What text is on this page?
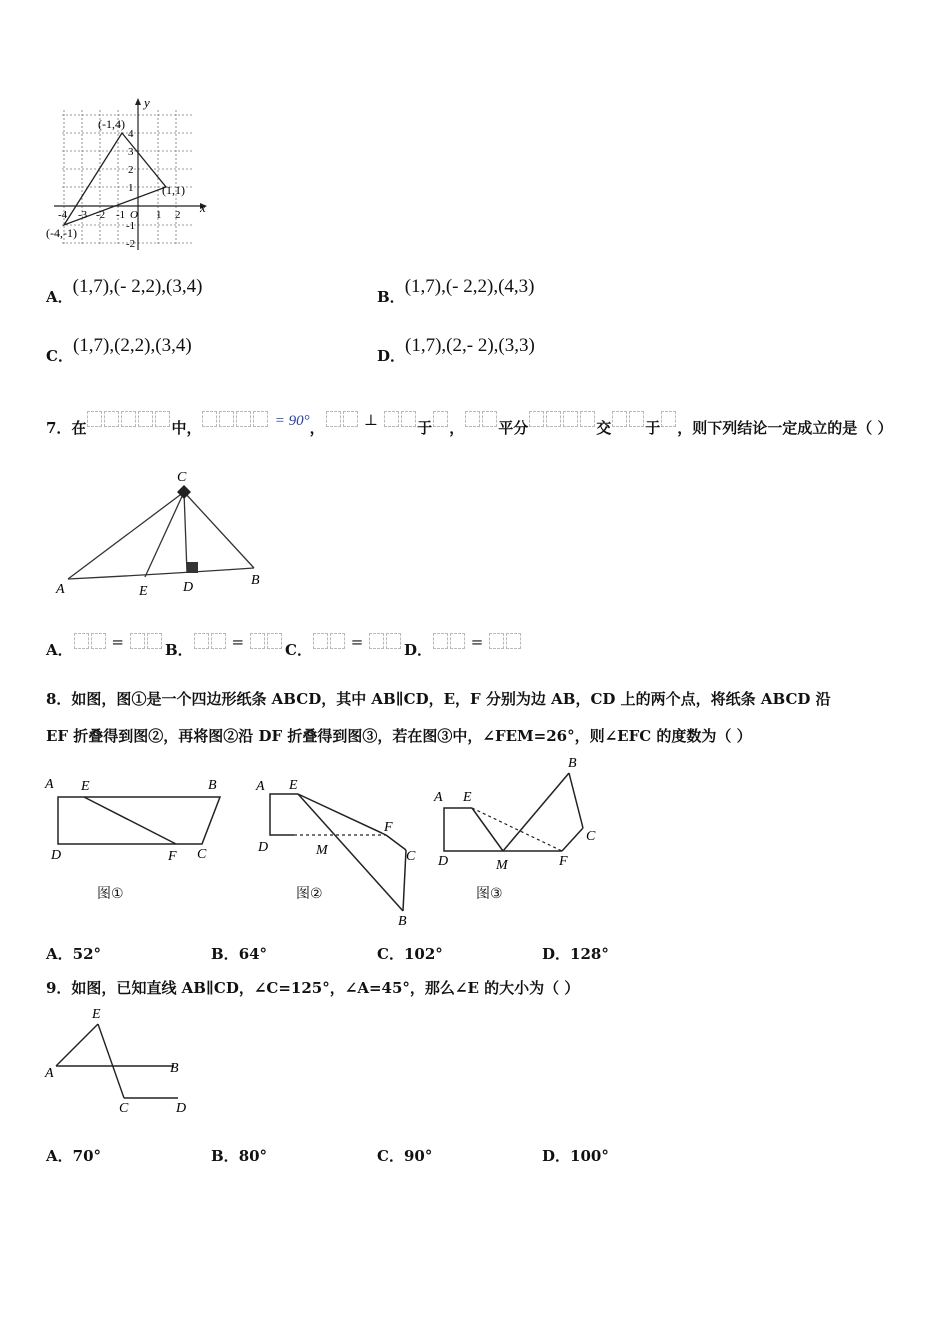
y
x
(-1,4)
(1,1)
(-4,-1)
4
3
2
1
-1
-2
-4 -3 -2 -1 O 1 2
A．(1,7),(- 2,2),(3,4)	B．(1,7),(- 2,2),(4,3)
C．(1,7),(2,2),(3,4)	D．(1,7),(2,- 2),(3,3)
7．在	中，	= 90°，	⊥	于 ， 平分	交 于 ，则下列结论一定成立的是（ ）
C
A	E	D	B
A．	=	B．	=	C．	=	D．	=
8．如图，图①是一个四边形纸条 ABCD，其中 AB∥CD，E，F 分别为边 AB，CD 上的两个点，将纸条 ABCD 沿
EF 折叠得到图②，再将图②沿 DF 折叠得到图③，若在图③中，∠FEM=26°，则∠EFC 的度数为（ ）
A E	B
D	F C
图①
A E
F
D	M	C
B
图②
B
A E
C
D	M	F
图③
A．52°	B．64°	C．102°	D．128°
9．如图，已知直线 AB∥CD，∠C=125°，∠A=45°，那么∠E 的大小为（ ）
E
A	B
C	D
A．70°	B．80°	C．90°	D．100°
